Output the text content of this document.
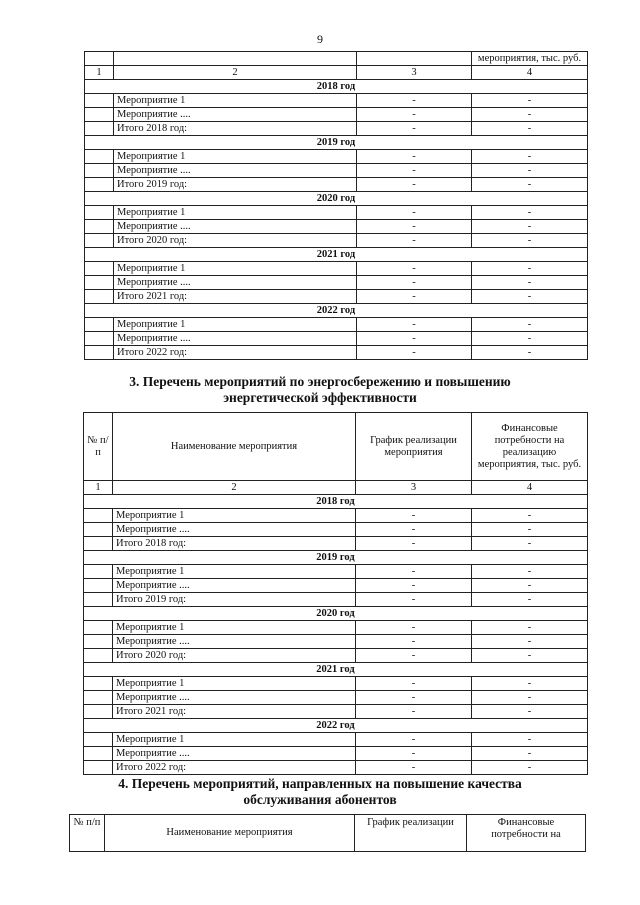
9
			мероприятия, тыс. руб.
1	2	3	4
2018 год			
	Мероприятие 1	-	-
	Мероприятие ....	-	-
	Итого 2018 год:	-	-
2019 год			
	Мероприятие 1	-	-
	Мероприятие ....	-	-
	Итого 2019 год:	-	-
2020 год			
	Мероприятие 1	-	-
	Мероприятие ....	-	-
	Итого 2020 год:	-	-
2021 год			
	Мероприятие 1	-	-
	Мероприятие ....	-	-
	Итого 2021 год:	-	-
2022 год			
	Мероприятие 1	-	-
	Мероприятие ....	-	-
	Итого 2022 год:	-	-
3. Перечень мероприятий по энергосбережению и повышению
энергетической эффективности
№ п/п	Наименование мероприятия	График реализации мероприятия	Финансовые потребности на реализацию мероприятия, тыс. руб.
1	2	3	4
2018 год			
	Мероприятие 1	-	-
	Мероприятие ....	-	-
	Итого 2018 год:	-	-
2019 год			
	Мероприятие 1	-	-
	Мероприятие ....	-	-
	Итого 2019 год:	-	-
2020 год			
	Мероприятие 1	-	-
	Мероприятие ....	-	-
	Итого 2020 год:	-	-
2021 год			
	Мероприятие 1	-	-
	Мероприятие ....	-	-
	Итого 2021 год:	-	-
2022 год			
	Мероприятие 1	-	-
	Мероприятие ....	-	-
	Итого 2022 год:	-	-
4. Перечень мероприятий, направленных на повышение качества
обслуживания абонентов
№ п/п	Наименование мероприятия	График реализации	Финансовые потребности на
